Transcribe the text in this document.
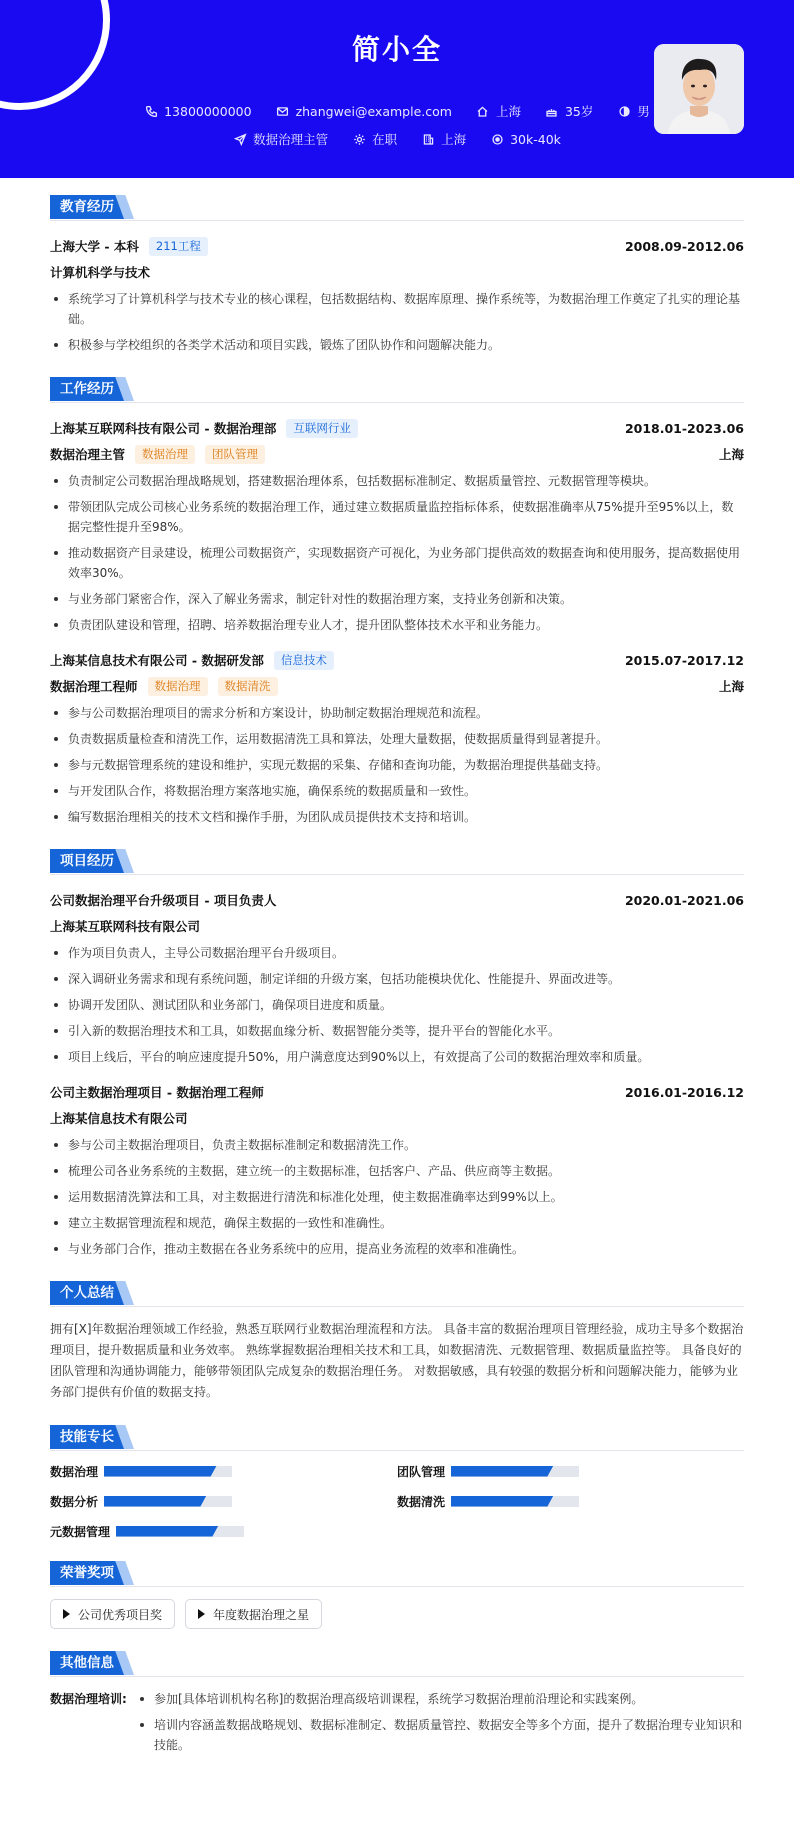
简小全
13800000000	zhangwei@example.com	上海	35岁	男
数据治理主管	在职	上海	30k-40k
教育经历
上海大学 - 本科	211工程	2008.09-2012.06
计算机科学与技术
系统学习了计算机科学与技术专业的核心课程，包括数据结构、数据库原理、操作系统等，为数据治理工作奠定了扎实的理论基础。
积极参与学校组织的各类学术活动和项目实践，锻炼了团队协作和问题解决能力。
工作经历
上海某互联网科技有限公司 - 数据治理部	互联网行业	2018.01-2023.06
数据治理主管	数据治理	团队管理	上海
负责制定公司数据治理战略规划，搭建数据治理体系，包括数据标准制定、数据质量管控、元数据管理等模块。
带领团队完成公司核心业务系统的数据治理工作，通过建立数据质量监控指标体系，使数据准确率从75%提升至95%以上，数据完整性提升至98%。
推动数据资产目录建设，梳理公司数据资产，实现数据资产可视化，为业务部门提供高效的数据查询和使用服务，提高数据使用效率30%。
与业务部门紧密合作，深入了解业务需求，制定针对性的数据治理方案，支持业务创新和决策。
负责团队建设和管理，招聘、培养数据治理专业人才，提升团队整体技术水平和业务能力。
上海某信息技术有限公司 - 数据研发部	信息技术	2015.07-2017.12
数据治理工程师	数据治理	数据清洗	上海
参与公司数据治理项目的需求分析和方案设计，协助制定数据治理规范和流程。
负责数据质量检查和清洗工作，运用数据清洗工具和算法，处理大量数据，使数据质量得到显著提升。
参与元数据管理系统的建设和维护，实现元数据的采集、存储和查询功能，为数据治理提供基础支持。
与开发团队合作，将数据治理方案落地实施，确保系统的数据质量和一致性。
编写数据治理相关的技术文档和操作手册，为团队成员提供技术支持和培训。
项目经历
公司数据治理平台升级项目 - 项目负责人	2020.01-2021.06
上海某互联网科技有限公司
作为项目负责人，主导公司数据治理平台升级项目。
深入调研业务需求和现有系统问题，制定详细的升级方案，包括功能模块优化、性能提升、界面改进等。
协调开发团队、测试团队和业务部门，确保项目进度和质量。
引入新的数据治理技术和工具，如数据血缘分析、数据智能分类等，提升平台的智能化水平。
项目上线后，平台的响应速度提升50%，用户满意度达到90%以上，有效提高了公司的数据治理效率和质量。
公司主数据治理项目 - 数据治理工程师	2016.01-2016.12
上海某信息技术有限公司
参与公司主数据治理项目，负责主数据标准制定和数据清洗工作。
梳理公司各业务系统的主数据，建立统一的主数据标准，包括客户、产品、供应商等主数据。
运用数据清洗算法和工具，对主数据进行清洗和标准化处理，使主数据准确率达到99%以上。
建立主数据管理流程和规范，确保主数据的一致性和准确性。
与业务部门合作，推动主数据在各业务系统中的应用，提高业务流程的效率和准确性。
个人总结

拥有[X]年数据治理领域工作经验，熟悉互联网行业数据治理流程和方法。 具备丰富的数据治理项目管理经验，成功主导多个数据治理项目，提升数据质量和业务效率。 熟练掌握数据治理相关技术和工具，如数据清洗、元数据管理、数据质量监控等。 具备良好的团队管理和沟通协调能力，能够带领团队完成复杂的数据治理任务。 对数据敏感，具有较强的数据分析和问题解决能力，能够为业务部门提供有价值的数据支持。

技能专长
数据治理	团队管理
数据分析	数据清洗
元数据管理
荣誉奖项
公司优秀项目奖	年度数据治理之星
其他信息
数据治理培训:	参加[具体培训机构名称]的数据治理高级培训课程，系统学习数据治理前沿理论和实践案例。
培训内容涵盖数据战略规划、数据标准制定、数据质量管控、数据安全等多个方面，提升了数据治理专业知识和技能。
